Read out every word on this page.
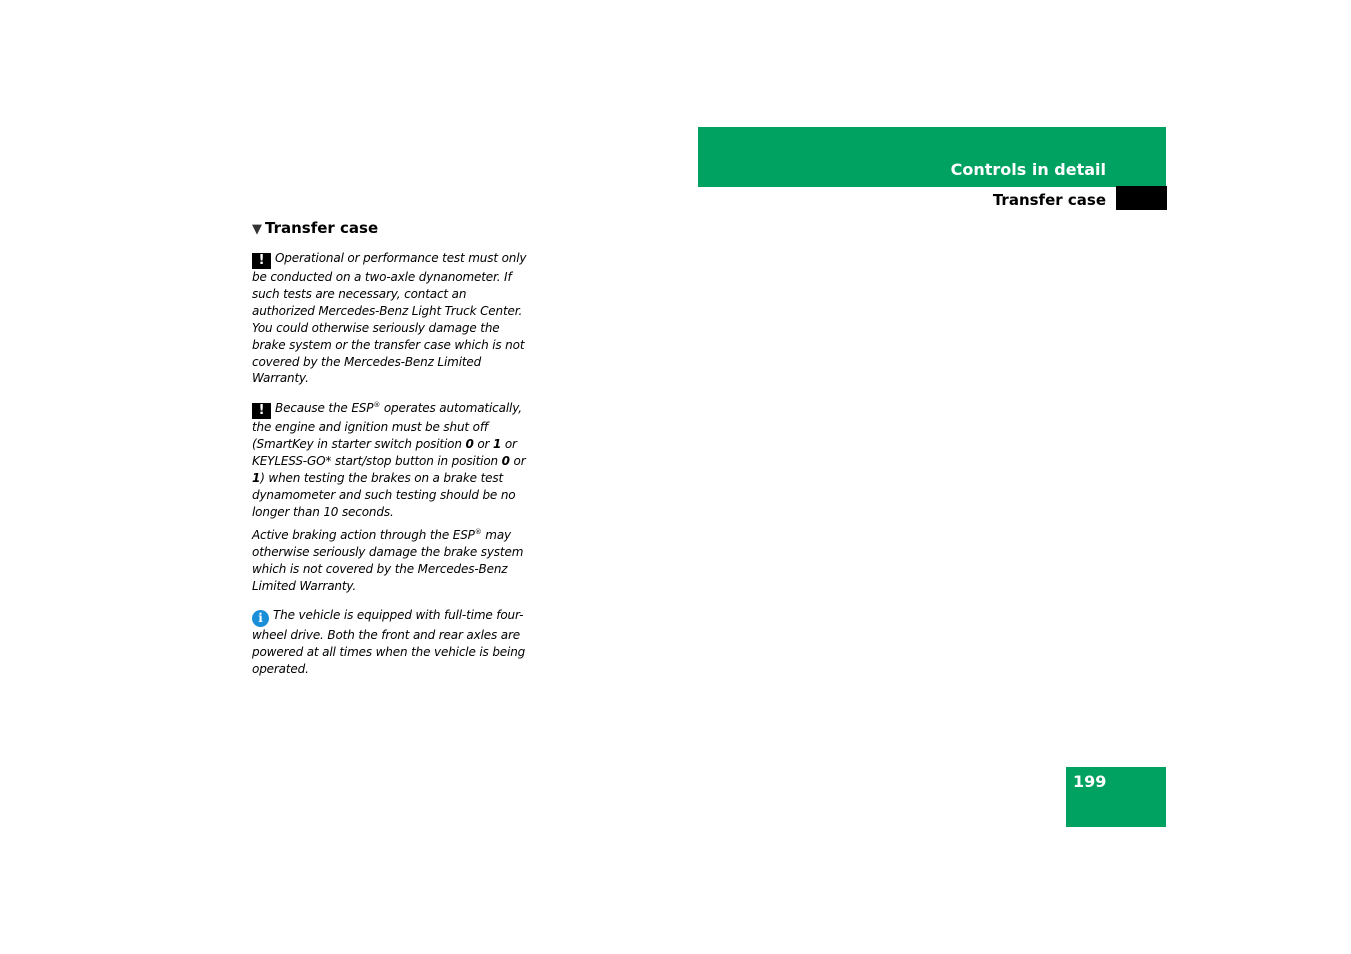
Controls in detail
Transfer case
▼ Transfer case

! Operational or performance test must only be conducted on a two-axle dynanometer. If such tests are necessary, contact an authorized Mercedes-Benz Light Truck Center. You could otherwise seriously damage the brake system or the transfer case which is not covered by the Mercedes-Benz Limited Warranty.

! Because the ESP® operates automatically, the engine and ignition must be shut off (SmartKey in starter switch position 0 or 1 or KEYLESS-GO* start/stop button in position 0 or 1) when testing the brakes on a brake test dynamometer and such testing should be no longer than 10 seconds.

Active braking action through the ESP® may otherwise seriously damage the brake system which is not covered by the Mercedes-Benz Limited Warranty.

i The vehicle is equipped with full-time four-wheel drive. Both the front and rear axles are powered at all times when the vehicle is being operated.

199
